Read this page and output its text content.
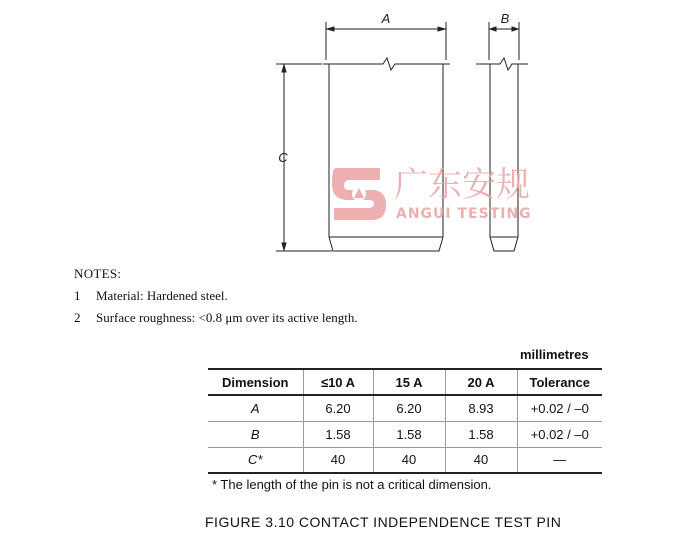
A	B
C
广东安规
ANGUI TESTING
NOTES:
1	Material: Hardened steel.
2	Surface roughness: <0.8 μm over its active length.
millimetres
Dimension	≤10 A	15 A	20 A	Tolerance
A	6.20	6.20	8.93	+0.02 / –0
B	1.58	1.58	1.58	+0.02 / –0
C*	40	40	40	—
* The length of the pin is not a critical dimension.
FIGURE 3.10 CONTACT INDEPENDENCE TEST PIN
